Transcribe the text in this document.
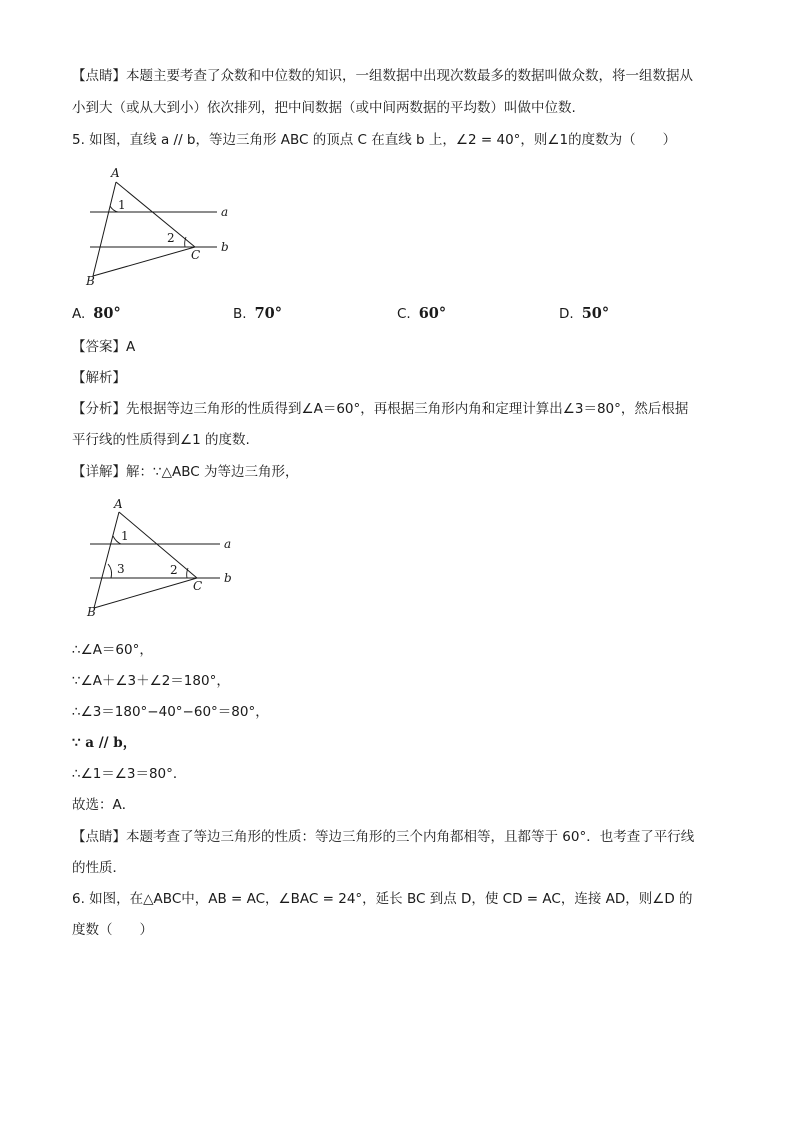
【点睛】本题主要考查了众数和中位数的知识，一组数据中出现次数最多的数据叫做众数，将一组数据从
小到大（或从大到小）依次排列，把中间数据（或中间两数据的平均数）叫做中位数.
5. 如图，直线 a // b，等边三角形 ABC 的顶点 C 在直线 b 上，∠2 = 40°，则∠1的度数为（　　）
A
B
C
a
b
1
2
A. 80°	B. 70°	C. 60°	D. 50°
【答案】A
【解析】
【分析】先根据等边三角形的性质得到∠A＝60°，再根据三角形内角和定理计算出∠3＝80°，然后根据
平行线的性质得到∠1 的度数.
【详解】解：∵△ABC 为等边三角形，
A
B
C
a
b
1
2
3
∴∠A＝60°，
∵∠A＋∠3＋∠2＝180°，
∴∠3＝180°−40°−60°＝80°，
∵ a // b，
∴∠1＝∠3＝80°．
故选：A．
【点睛】本题考查了等边三角形的性质：等边三角形的三个内角都相等，且都等于 60°．也考查了平行线
的性质．
6. 如图，在△ABC中，AB = AC，∠BAC = 24°，延长 BC 到点 D，使 CD = AC，连接 AD，则∠D 的
度数（　　）
